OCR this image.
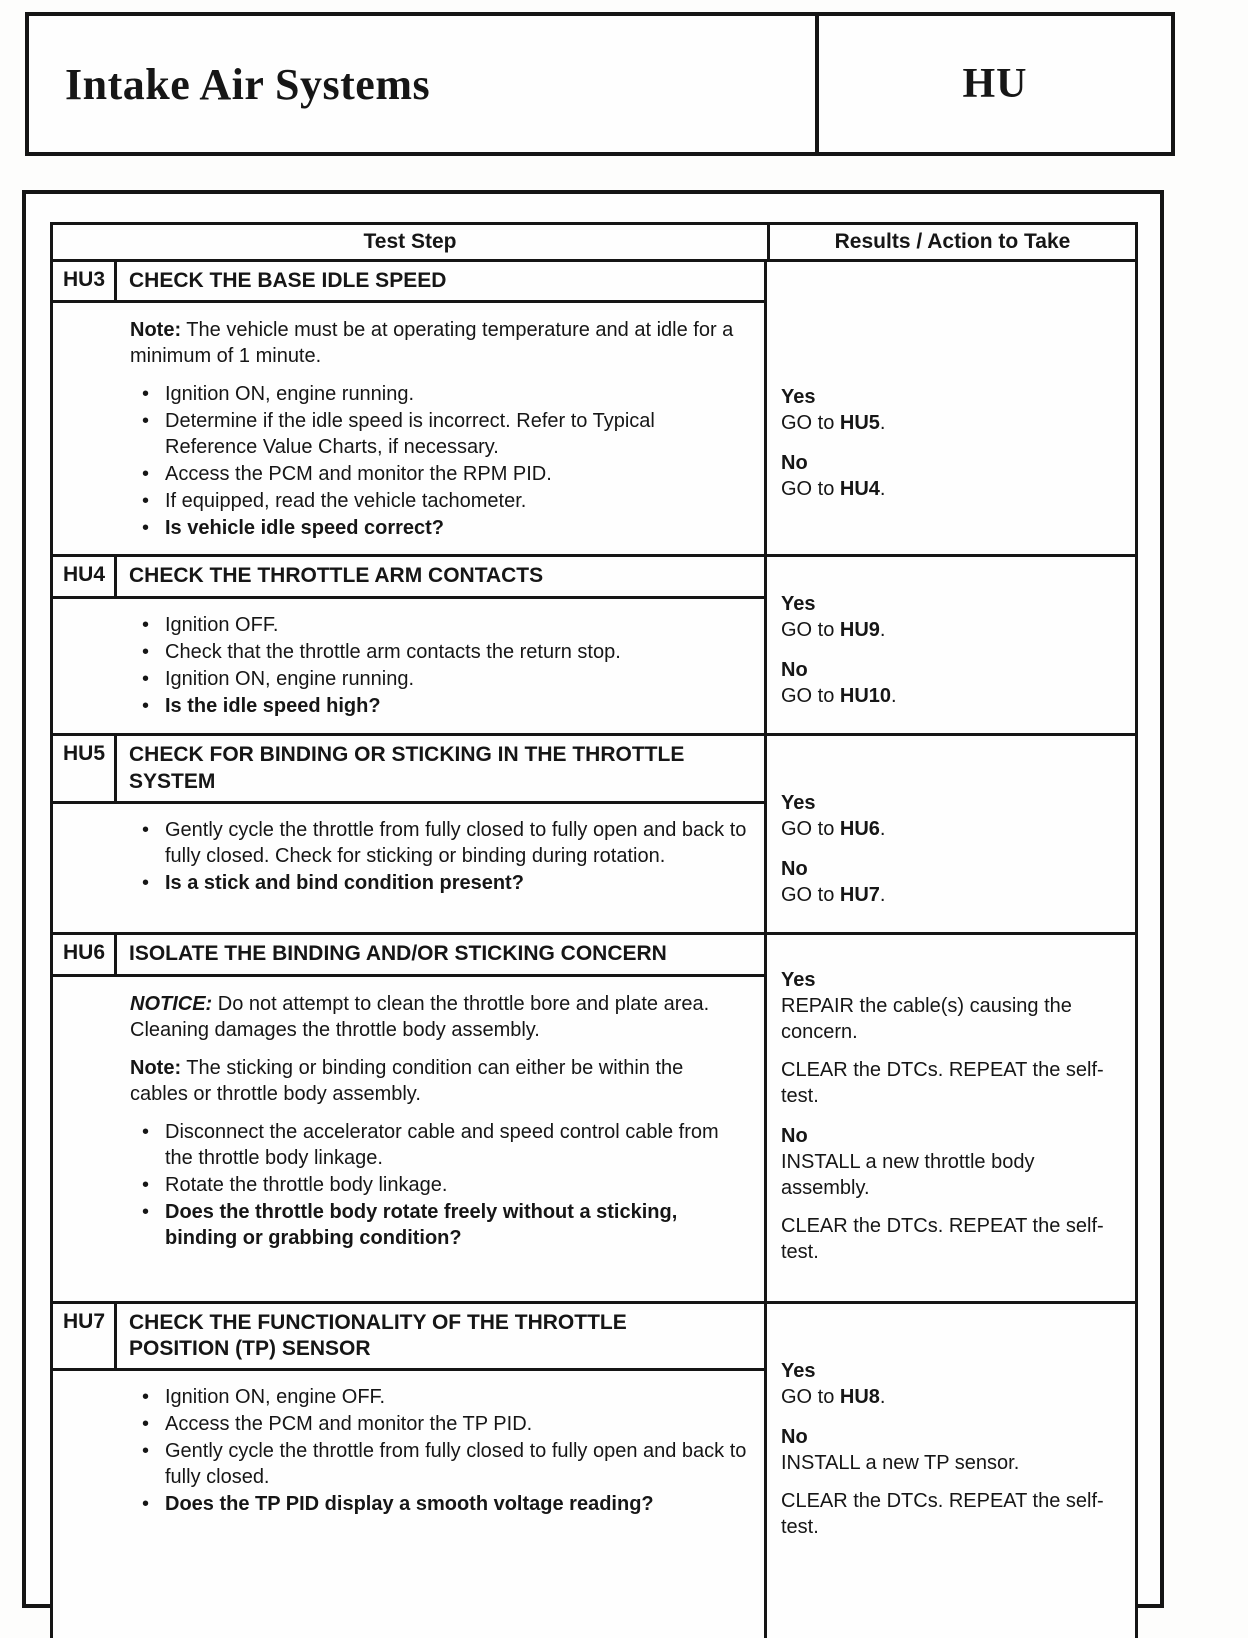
Intake Air Systems	HU
Test Step	Results / Action to Take
HU3	CHECK THE BASE IDLE SPEED
Note: The vehicle must be at operating temperature and at idle for a minimum of 1 minute.
• Ignition ON, engine running.
• Determine if the idle speed is incorrect. Refer to Typical Reference Value Charts, if necessary.
• Access the PCM and monitor the RPM PID.
• If equipped, read the vehicle tachometer.
• Is vehicle idle speed correct?
Yes
GO to HU5.
No
GO to HU4.
HU4	CHECK THE THROTTLE ARM CONTACTS
• Ignition OFF.
• Check that the throttle arm contacts the return stop.
• Ignition ON, engine running.
• Is the idle speed high?
Yes
GO to HU9.
No
GO to HU10.
HU5	CHECK FOR BINDING OR STICKING IN THE THROTTLE SYSTEM
• Gently cycle the throttle from fully closed to fully open and back to fully closed. Check for sticking or binding during rotation.
• Is a stick and bind condition present?
Yes
GO to HU6.
No
GO to HU7.
HU6	ISOLATE THE BINDING AND/OR STICKING CONCERN
NOTICE: Do not attempt to clean the throttle bore and plate area. Cleaning damages the throttle body assembly.
Note: The sticking or binding condition can either be within the cables or throttle body assembly.
• Disconnect the accelerator cable and speed control cable from the throttle body linkage.
• Rotate the throttle body linkage.
• Does the throttle body rotate freely without a sticking, binding or grabbing condition?
Yes
REPAIR the cable(s) causing the concern.
CLEAR the DTCs. REPEAT the self-test.
No
INSTALL a new throttle body assembly.
CLEAR the DTCs. REPEAT the self-test.
HU7	CHECK THE FUNCTIONALITY OF THE THROTTLE POSITION (TP) SENSOR
• Ignition ON, engine OFF.
• Access the PCM and monitor the TP PID.
• Gently cycle the throttle from fully closed to fully open and back to fully closed.
• Does the TP PID display a smooth voltage reading?
Yes
GO to HU8.
No
INSTALL a new TP sensor.
CLEAR the DTCs. REPEAT the self-test.
